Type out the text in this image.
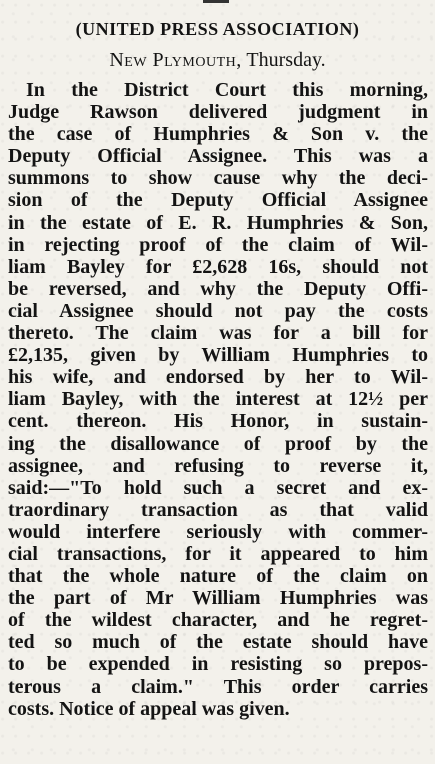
(UNITED PRESS ASSOCIATION)
New Plymouth, Thursday.
In the District Court this morning,
Judge Rawson delivered judgment in
the case of Humphries & Son v. the
Deputy Official Assignee. This was a
summons to show cause why the deci-
sion of the Deputy Official Assignee
in the estate of E. R. Humphries & Son,
in rejecting proof of the claim of Wil-
liam Bayley for £2,628 16s, should not
be reversed, and why the Deputy Offi-
cial Assignee should not pay the costs
thereto. The claim was for a bill for
£2,135, given by William Humphries to
his wife, and endorsed by her to Wil-
liam Bayley, with the interest at 12½ per
cent. thereon. His Honor, in sustain-
ing the disallowance of proof by the
assignee, and refusing to reverse it,
said:—"To hold such a secret and ex-
traordinary transaction as that valid
would interfere seriously with commer-
cial transactions, for it appeared to him
that the whole nature of the claim on
the part of Mr William Humphries was
of the wildest character, and he regret-
ted so much of the estate should have
to be expended in resisting so prepos-
terous a claim." This order carries
costs. Notice of appeal was given.
